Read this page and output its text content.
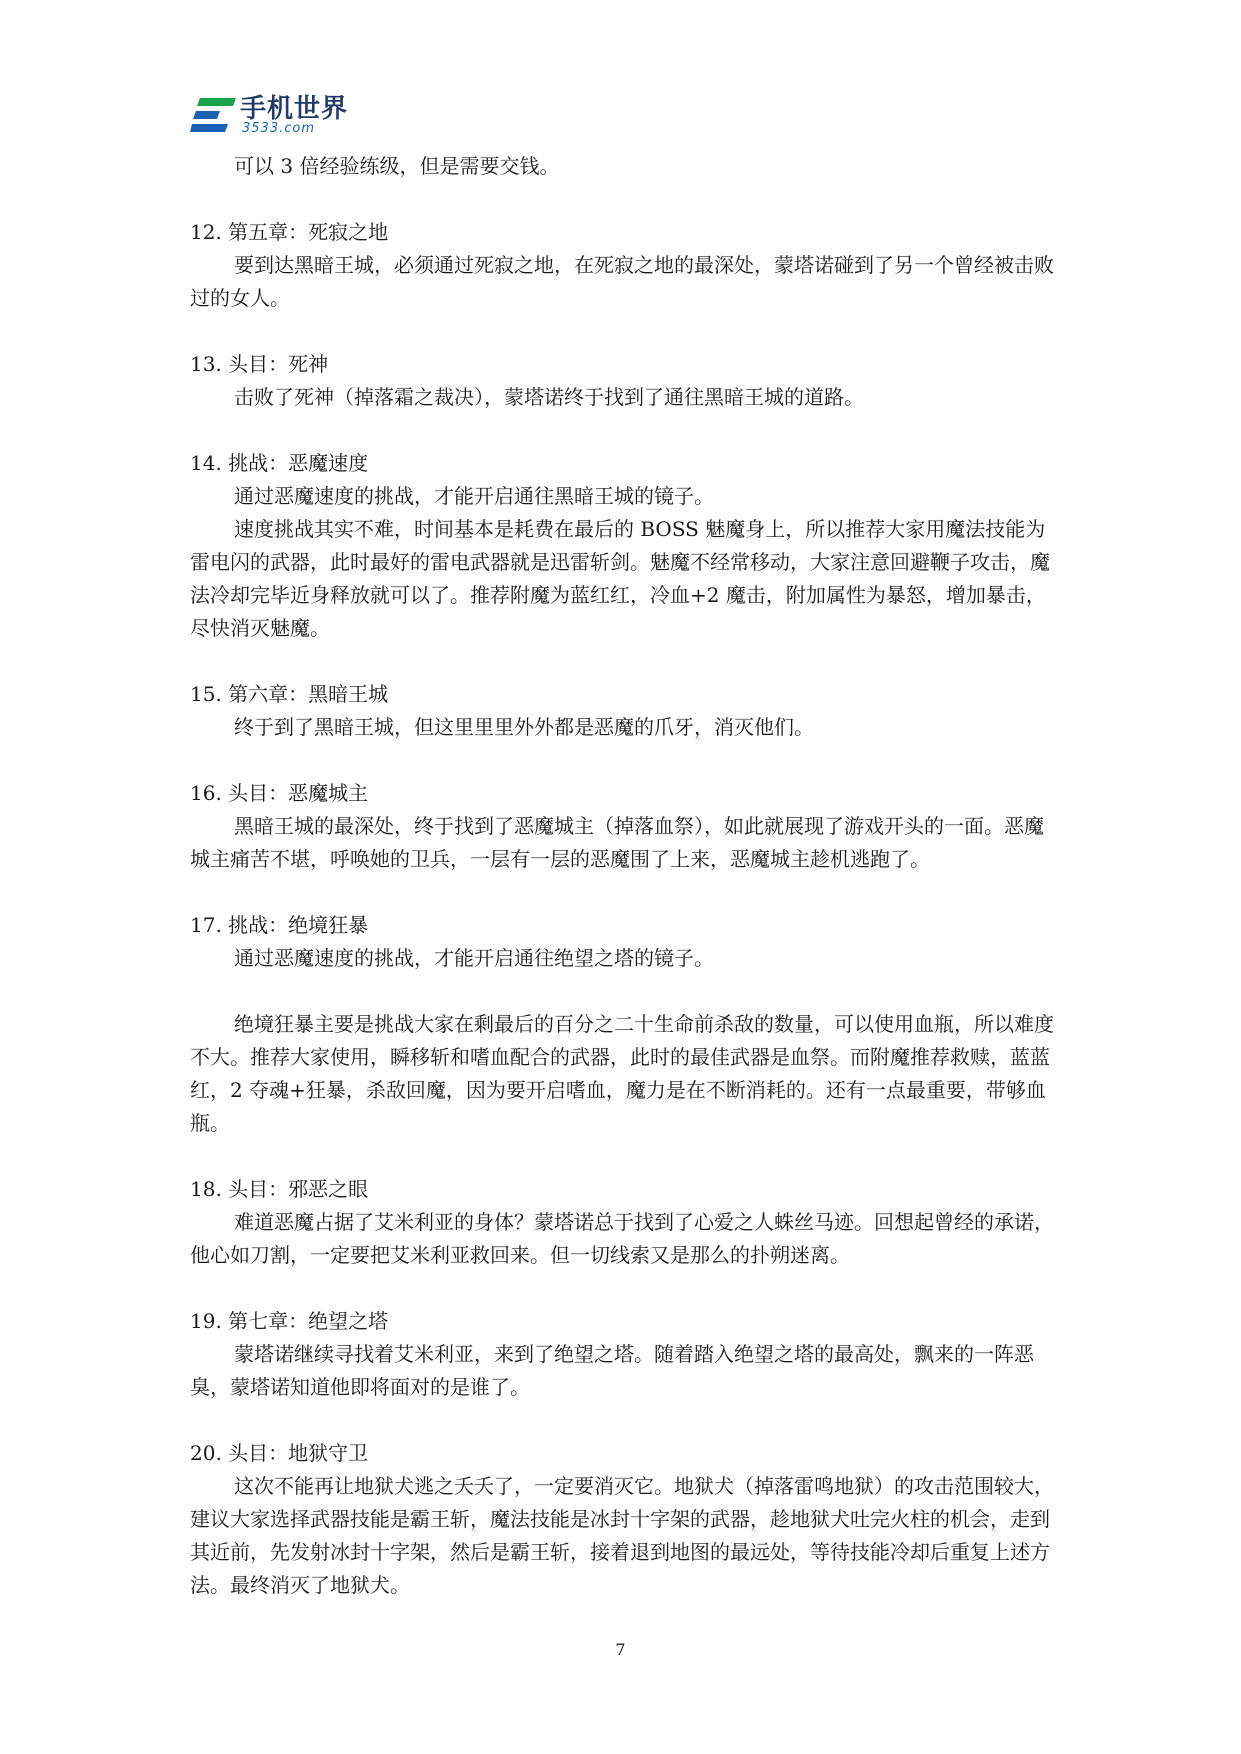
手机世界
3533.com

可以 3 倍经验练级，但是需要交钱。

12. 第五章：死寂之地

要到达黑暗王城，必须通过死寂之地，在死寂之地的最深处，蒙塔诺碰到了另一个曾经被击败过的女人。

13. 头目：死神

击败了死神（掉落霜之裁决），蒙塔诺终于找到了通往黑暗王城的道路。

14. 挑战：恶魔速度

通过恶魔速度的挑战，才能开启通往黑暗王城的镜子。

速度挑战其实不难，时间基本是耗费在最后的 BOSS 魅魔身上，所以推荐大家用魔法技能为雷电闪的武器，此时最好的雷电武器就是迅雷斩剑。魅魔不经常移动，大家注意回避鞭子攻击，魔法冷却完毕近身释放就可以了。推荐附魔为蓝红红，冷血+2 魔击，附加属性为暴怒，增加暴击，尽快消灭魅魔。

15. 第六章：黑暗王城

终于到了黑暗王城，但这里里里外外都是恶魔的爪牙，消灭他们。

16. 头目：恶魔城主

黑暗王城的最深处，终于找到了恶魔城主（掉落血祭），如此就展现了游戏开头的一面。恶魔城主痛苦不堪，呼唤她的卫兵，一层有一层的恶魔围了上来，恶魔城主趁机逃跑了。

17. 挑战：绝境狂暴

通过恶魔速度的挑战，才能开启通往绝望之塔的镜子。

绝境狂暴主要是挑战大家在剩最后的百分之二十生命前杀敌的数量，可以使用血瓶，所以难度不大。推荐大家使用，瞬移斩和嗜血配合的武器，此时的最佳武器是血祭。而附魔推荐救赎，蓝蓝红，2 夺魂+狂暴，杀敌回魔，因为要开启嗜血，魔力是在不断消耗的。还有一点最重要，带够血瓶。

18. 头目：邪恶之眼

难道恶魔占据了艾米利亚的身体？蒙塔诺总于找到了心爱之人蛛丝马迹。回想起曾经的承诺，他心如刀割，一定要把艾米利亚救回来。但一切线索又是那么的扑朔迷离。

19. 第七章：绝望之塔

蒙塔诺继续寻找着艾米利亚，来到了绝望之塔。随着踏入绝望之塔的最高处，飘来的一阵恶臭，蒙塔诺知道他即将面对的是谁了。

20. 头目：地狱守卫

这次不能再让地狱犬逃之夭夭了，一定要消灭它。地狱犬（掉落雷鸣地狱）的攻击范围较大，建议大家选择武器技能是霸王斩，魔法技能是冰封十字架的武器，趁地狱犬吐完火柱的机会，走到其近前，先发射冰封十字架，然后是霸王斩，接着退到地图的最远处，等待技能冷却后重复上述方法。最终消灭了地狱犬。

7
